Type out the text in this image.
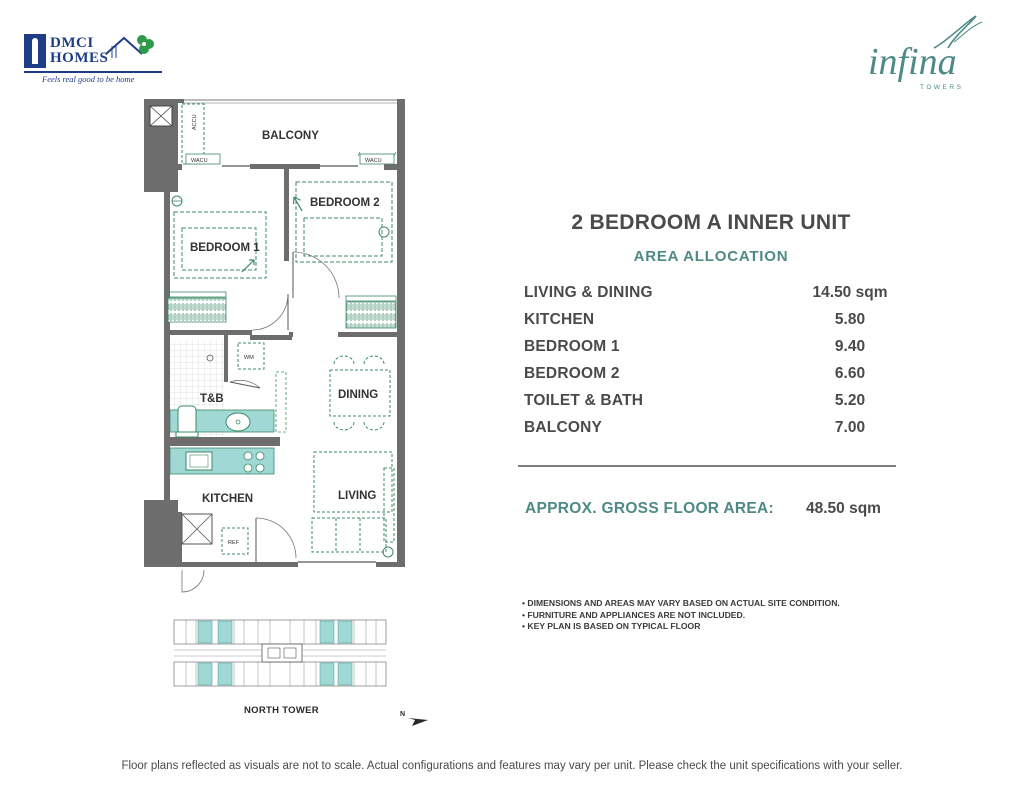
DMCI
HOMES
Feels real good to be home	infina
TOWERS
ACCU
WACU	WACU
BEDROOM 1
BEDROOM 2
WM
T&B
KITCHEN
REF
DINING
LIVING
BALCONY
2 BEDROOM A INNER UNIT
AREA ALLOCATION
LIVING & DINING	14.50 sqm
KITCHEN	5.80
BEDROOM 1	9.40
BEDROOM 2	6.60
TOILET & BATH	5.20
BALCONY	7.00
APPROX. GROSS FLOOR AREA: 48.50 sqm
• DIMENSIONS AND AREAS MAY VARY BASED ON ACTUAL SITE CONDITION.
• FURNITURE AND APPLIANCES ARE NOT INCLUDED.
• KEY PLAN IS BASED ON TYPICAL FLOOR
NORTH TOWER	N
Floor plans reflected as visuals are not to scale. Actual configurations and features may vary per unit. Please check the unit specifications with your seller.
